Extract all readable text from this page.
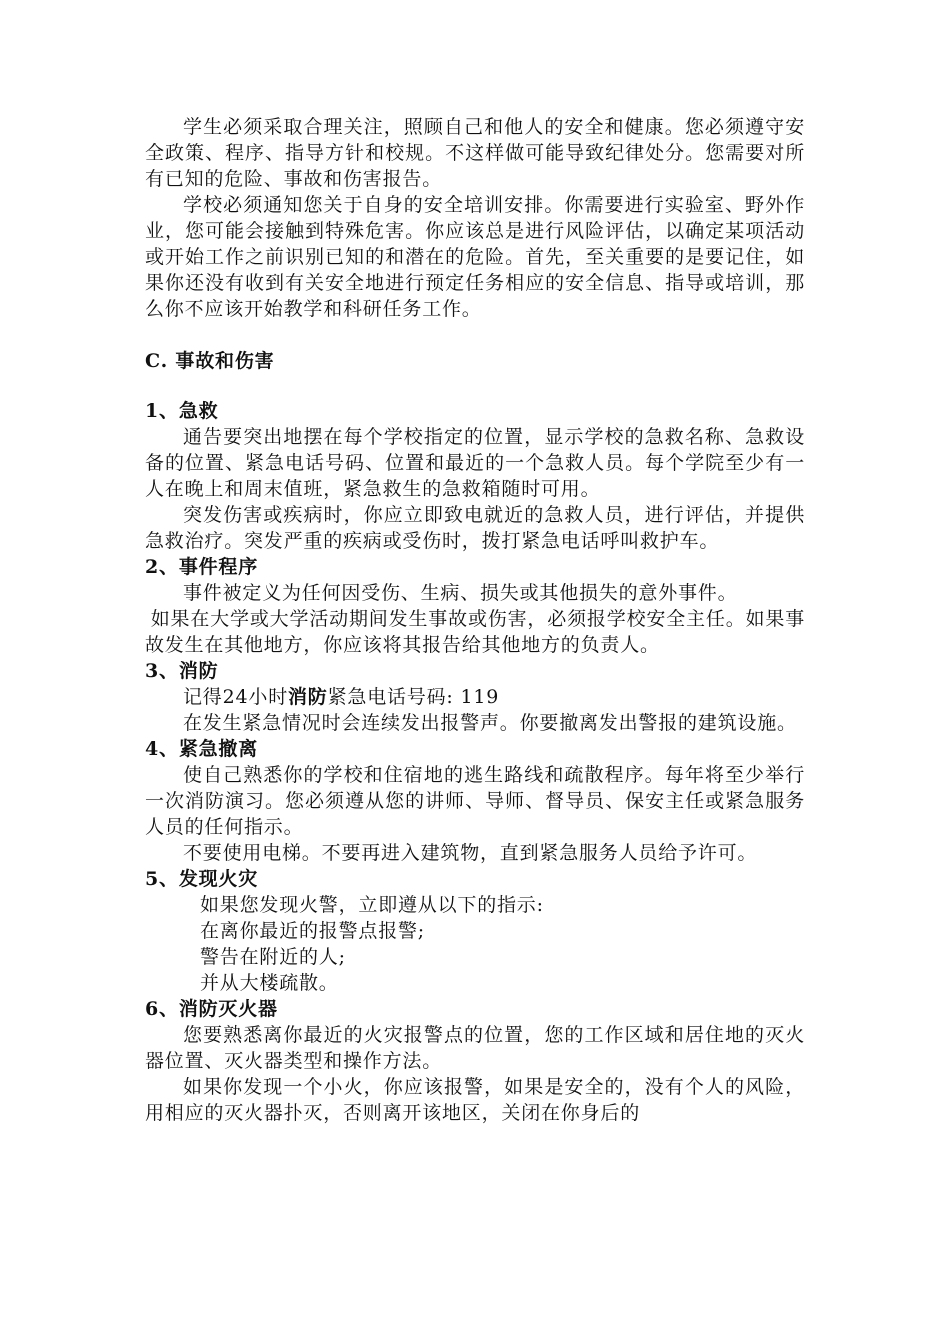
学生必须采取合理关注，照顾自己和他人的安全和健康。您必须遵守安全政策、程序、指导方针和校规。不这样做可能导致纪律处分。您需要对所有已知的危险、事故和伤害报告。

学校必须通知您关于自身的安全培训安排。你需要进行实验室、野外作业，您可能会接触到特殊危害。你应该总是进行风险评估，以确定某项活动或开始工作之前识别已知的和潜在的危险。首先，至关重要的是要记住，如果你还没有收到有关安全地进行预定任务相应的安全信息、指导或培训，那么你不应该开始教学和科研任务工作。

C. 事故和伤害

1、急救

通告要突出地摆在每个学校指定的位置，显示学校的急救名称、急救设备的位置、紧急电话号码、位置和最近的一个急救人员。每个学院至少有一人在晚上和周末值班，紧急救生的急救箱随时可用。

突发伤害或疾病时，你应立即致电就近的急救人员，进行评估，并提供急救治疗。突发严重的疾病或受伤时，拨打紧急电话呼叫救护车。

2、事件程序

事件被定义为任何因受伤、生病、损失或其他损失的意外事件。

如果在大学或大学活动期间发生事故或伤害，必须报学校安全主任。如果事故发生在其他地方，你应该将其报告给其他地方的负责人。

3、消防

记得24小时消防紧急电话号码: 119

在发生紧急情况时会连续发出报警声。你要撤离发出警报的建筑设施。

4、紧急撤离

使自己熟悉你的学校和住宿地的逃生路线和疏散程序。每年将至少举行一次消防演习。您必须遵从您的讲师、导师、督导员、保安主任或紧急服务人员的任何指示。

不要使用电梯。不要再进入建筑物，直到紧急服务人员给予许可。

5、发现火灾

如果您发现火警，立即遵从以下的指示:

在离你最近的报警点报警;

警告在附近的人;

并从大楼疏散。

6、消防灭火器

您要熟悉离你最近的火灾报警点的位置，您的工作区域和居住地的灭火器位置、灭火器类型和操作方法。

如果你发现一个小火，你应该报警，如果是安全的，没有个人的风险，用相应的灭火器扑灭，否则离开该地区，关闭在你身后的
